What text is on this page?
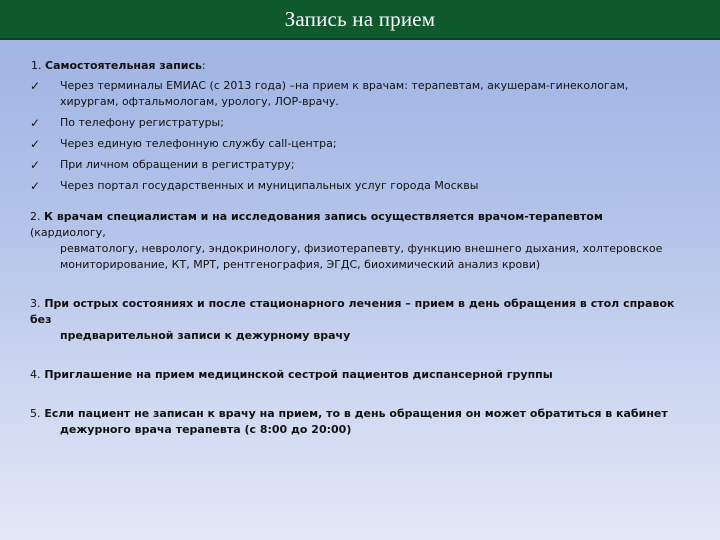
Запись на прием
1. Самостоятельная запись:
✓	Через терминалы ЕМИАС (с 2013 года) –на прием к врачам: терапевтам, акушерам-гинекологам,
хирургам, офтальмологам, урологу, ЛОР-врачу.
✓	По телефону регистратуры;
✓	Через единую телефонную службу call-центра;
✓	При личном обращении в регистратуру;
✓	Через портал государственных и муниципальных услуг города Москвы
2. К врачам специалистам и на исследования запись осуществляется врачом-терапевтом (кардиологу,
ревматологу, неврологу, эндокринологу, физиотерапевту, функцию внешнего дыхания, холтеровское
мониторирование, КТ, МРТ, рентгенография, ЭГДС, биохимический анализ крови)
3. При острых состояниях и после стационарного лечения – прием в день обращения в стол справок без
предварительной записи к дежурному врачу
4. Приглашение на прием медицинской сестрой пациентов диспансерной группы
5. Если пациент не записан к врачу на прием, то в день обращения он может обратиться в кабинет
дежурного врача терапевта (с 8:00 до 20:00)
